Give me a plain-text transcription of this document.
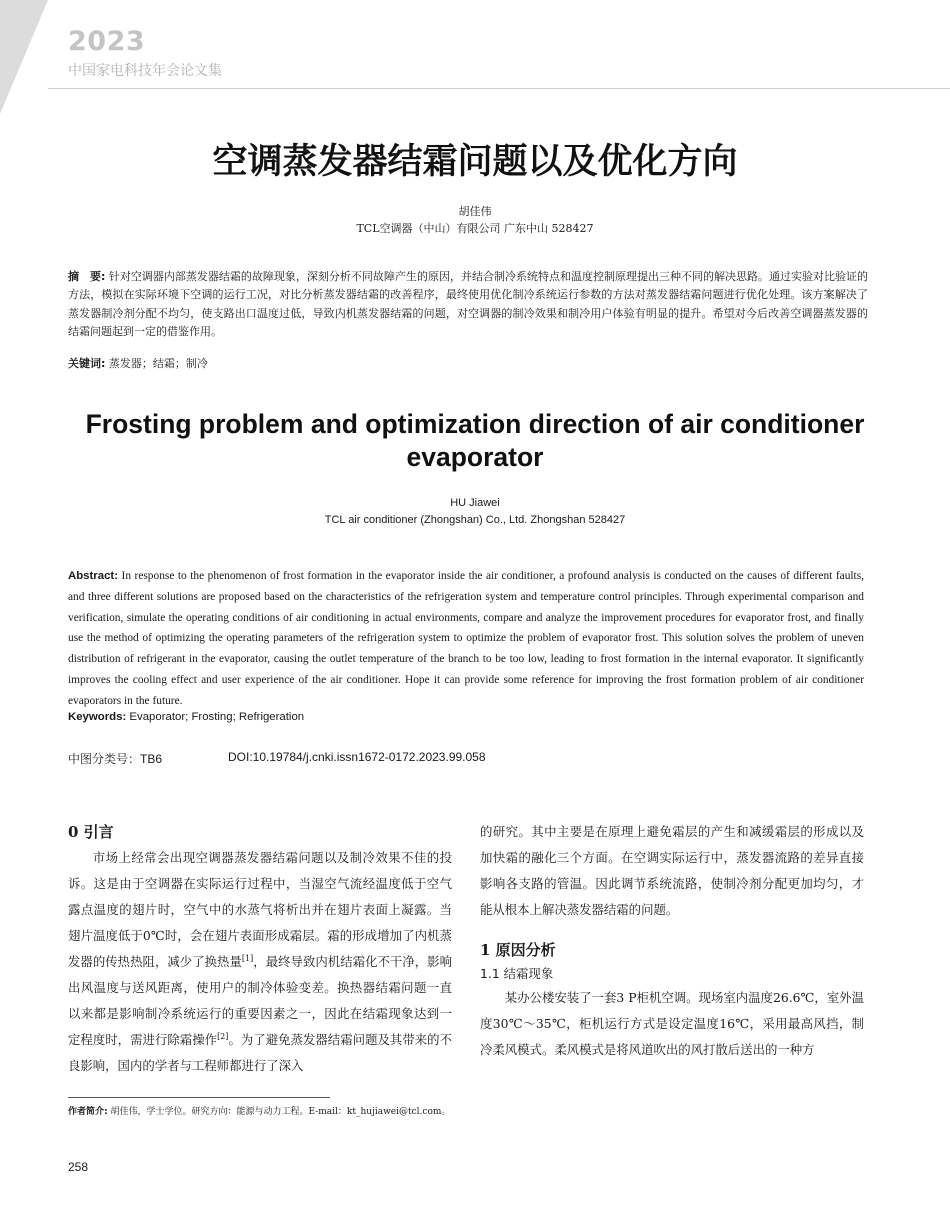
2023
中国家电科技年会论文集
空调蒸发器结霜问题以及优化方向
胡佳伟
TCL空调器（中山）有限公司 广东中山 528427
摘　要: 针对空调器内部蒸发器结霜的故障现象，深刻分析不同故障产生的原因，并结合制冷系统特点和温度控制原理提出三种不同的解决思路。通过实验对比验证的方法，模拟在实际环境下空调的运行工况，对比分析蒸发器结霜的改善程序，最终使用优化制冷系统运行参数的方法对蒸发器结霜问题进行优化处理。该方案解决了蒸发器制冷剂分配不均匀，使支路出口温度过低，导致内机蒸发器结霜的问题，对空调器的制冷效果和制冷用户体验有明显的提升。希望对今后改善空调器蒸发器的结霜问题起到一定的借鉴作用。
关键词: 蒸发器；结霜；制冷
Frosting problem and optimization direction of air conditioner evaporator
HU Jiawei
TCL air conditioner (Zhongshan) Co., Ltd. Zhongshan 528427
Abstract: In response to the phenomenon of frost formation in the evaporator inside the air conditioner, a profound analysis is conducted on the causes of different faults, and three different solutions are proposed based on the characteristics of the refrigeration system and temperature control principles. Through experimental comparison and verification, simulate the operating conditions of air conditioning in actual environments, compare and analyze the improvement procedures for evaporator frost, and finally use the method of optimizing the operating parameters of the refrigeration system to optimize the problem of evaporator frost. This solution solves the problem of uneven distribution of refrigerant in the evaporator, causing the outlet temperature of the branch to be too low, leading to frost formation in the internal evaporator. It significantly improves the cooling effect and user experience of the air conditioner. Hope it can provide some reference for improving the frost formation problem of air conditioner evaporators in the future.
Keywords: Evaporator; Frosting; Refrigeration
中图分类号：TB6	DOI:10.19784/j.cnki.issn1672-0172.2023.99.058
0 引言

市场上经常会出现空调器蒸发器结霜问题以及制冷效果不佳的投诉。这是由于空调器在实际运行过程中，当湿空气流经温度低于空气露点温度的翅片时，空气中的水蒸气将析出并在翅片表面上凝露。当翅片温度低于0℃时，会在翅片表面形成霜层。霜的形成增加了内机蒸发器的传热热阻，减少了换热量[1]，最终导致内机结霜化不干净，影响出风温度与送风距离，使用户的制冷体验变差。换热器结霜问题一直以来都是影响制冷系统运行的重要因素之一，因此在结霜现象达到一定程度时，需进行除霜操作[2]。为了避免蒸发器结霜问题及其带来的不良影响，国内的学者与工程师都进行了深入

的研究。其中主要是在原理上避免霜层的产生和减缓霜层的形成以及加快霜的融化三个方面。在空调实际运行中，蒸发器流路的差异直接影响各支路的管温。因此调节系统流路，使制冷剂分配更加均匀，才能从根本上解决蒸发器结霜的问题。

1 原因分析
1.1 结霜现象

某办公楼安装了一套3 P柜机空调。现场室内温度26.6℃，室外温度30℃～35℃，柜机运行方式是设定温度16℃，采用最高风挡，制冷柔风模式。柔风模式是将风道吹出的风打散后送出的一种方

作者简介: 胡佳伟，学士学位。研究方向：能源与动力工程。E-mail：kt_hujiawei@tcl.com。
258
